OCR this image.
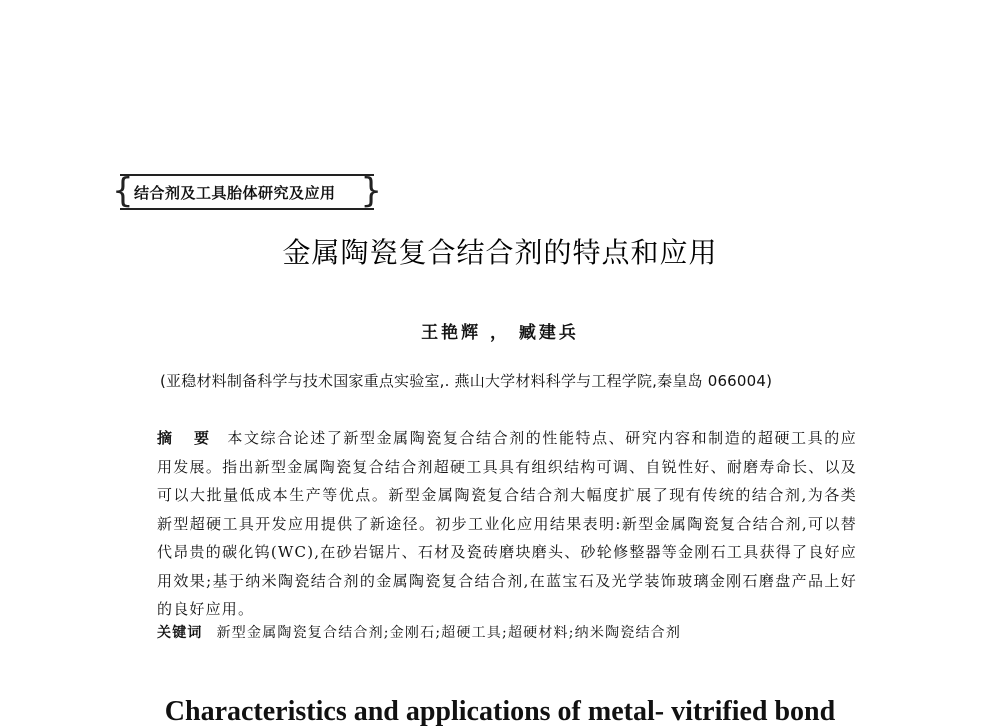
{ 结合剂及工具胎体研究及应用 }
金属陶瓷复合结合剂的特点和应用
王艳辉 ， 臧建兵
(亚稳材料制备科学与技术国家重点实验室,. 燕山大学材料科学与工程学院,秦皇岛 066004)
摘 要 本文综合论述了新型金属陶瓷复合结合剂的性能特点、研究内容和制造的超硬工具的应用发展。指出新型金属陶瓷复合结合剂超硬工具具有组织结构可调、自锐性好、耐磨寿命长、以及可以大批量低成本生产等优点。新型金属陶瓷复合结合剂大幅度扩展了现有传统的结合剂,为各类新型超硬工具开发应用提供了新途径。初步工业化应用结果表明:新型金属陶瓷复合结合剂,可以替代昂贵的碳化钨(WC),在砂岩锯片、石材及瓷砖磨块磨头、砂轮修整器等金刚石工具获得了良好应用效果;基于纳米陶瓷结合剂的金属陶瓷复合结合剂,在蓝宝石及光学装饰玻璃金刚石磨盘产品上好的良好应用。
关键词 新型金属陶瓷复合结合剂;金刚石;超硬工具;超硬材料;纳米陶瓷结合剂
Characteristics and applications of metal- vitrified bond
